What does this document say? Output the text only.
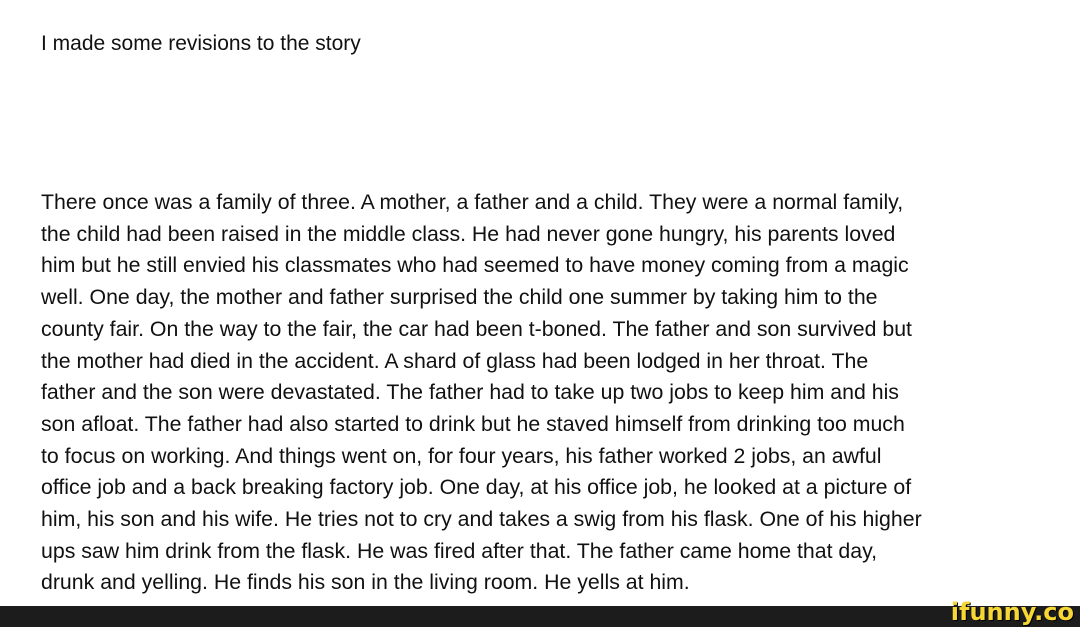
I made some revisions to the story
There once was a family of three. A mother, a father and a child. They were a normal family,
the child had been raised in the middle class. He had never gone hungry, his parents loved
him but he still envied his classmates who had seemed to have money coming from a magic
well. One day, the mother and father surprised the child one summer by taking him to the
county fair. On the way to the fair, the car had been t-boned. The father and son survived but
the mother had died in the accident. A shard of glass had been lodged in her throat. The
father and the son were devastated. The father had to take up two jobs to keep him and his
son afloat. The father had also started to drink but he staved himself from drinking too much
to focus on working. And things went on, for four years, his father worked 2 jobs, an awful
office job and a back breaking factory job. One day, at his office job, he looked at a picture of
him, his son and his wife. He tries not to cry and takes a swig from his flask. One of his higher
ups saw him drink from the flask. He was fired after that. The father came home that day,
drunk and yelling. He finds his son in the living room. He yells at him.
ifunny.co
